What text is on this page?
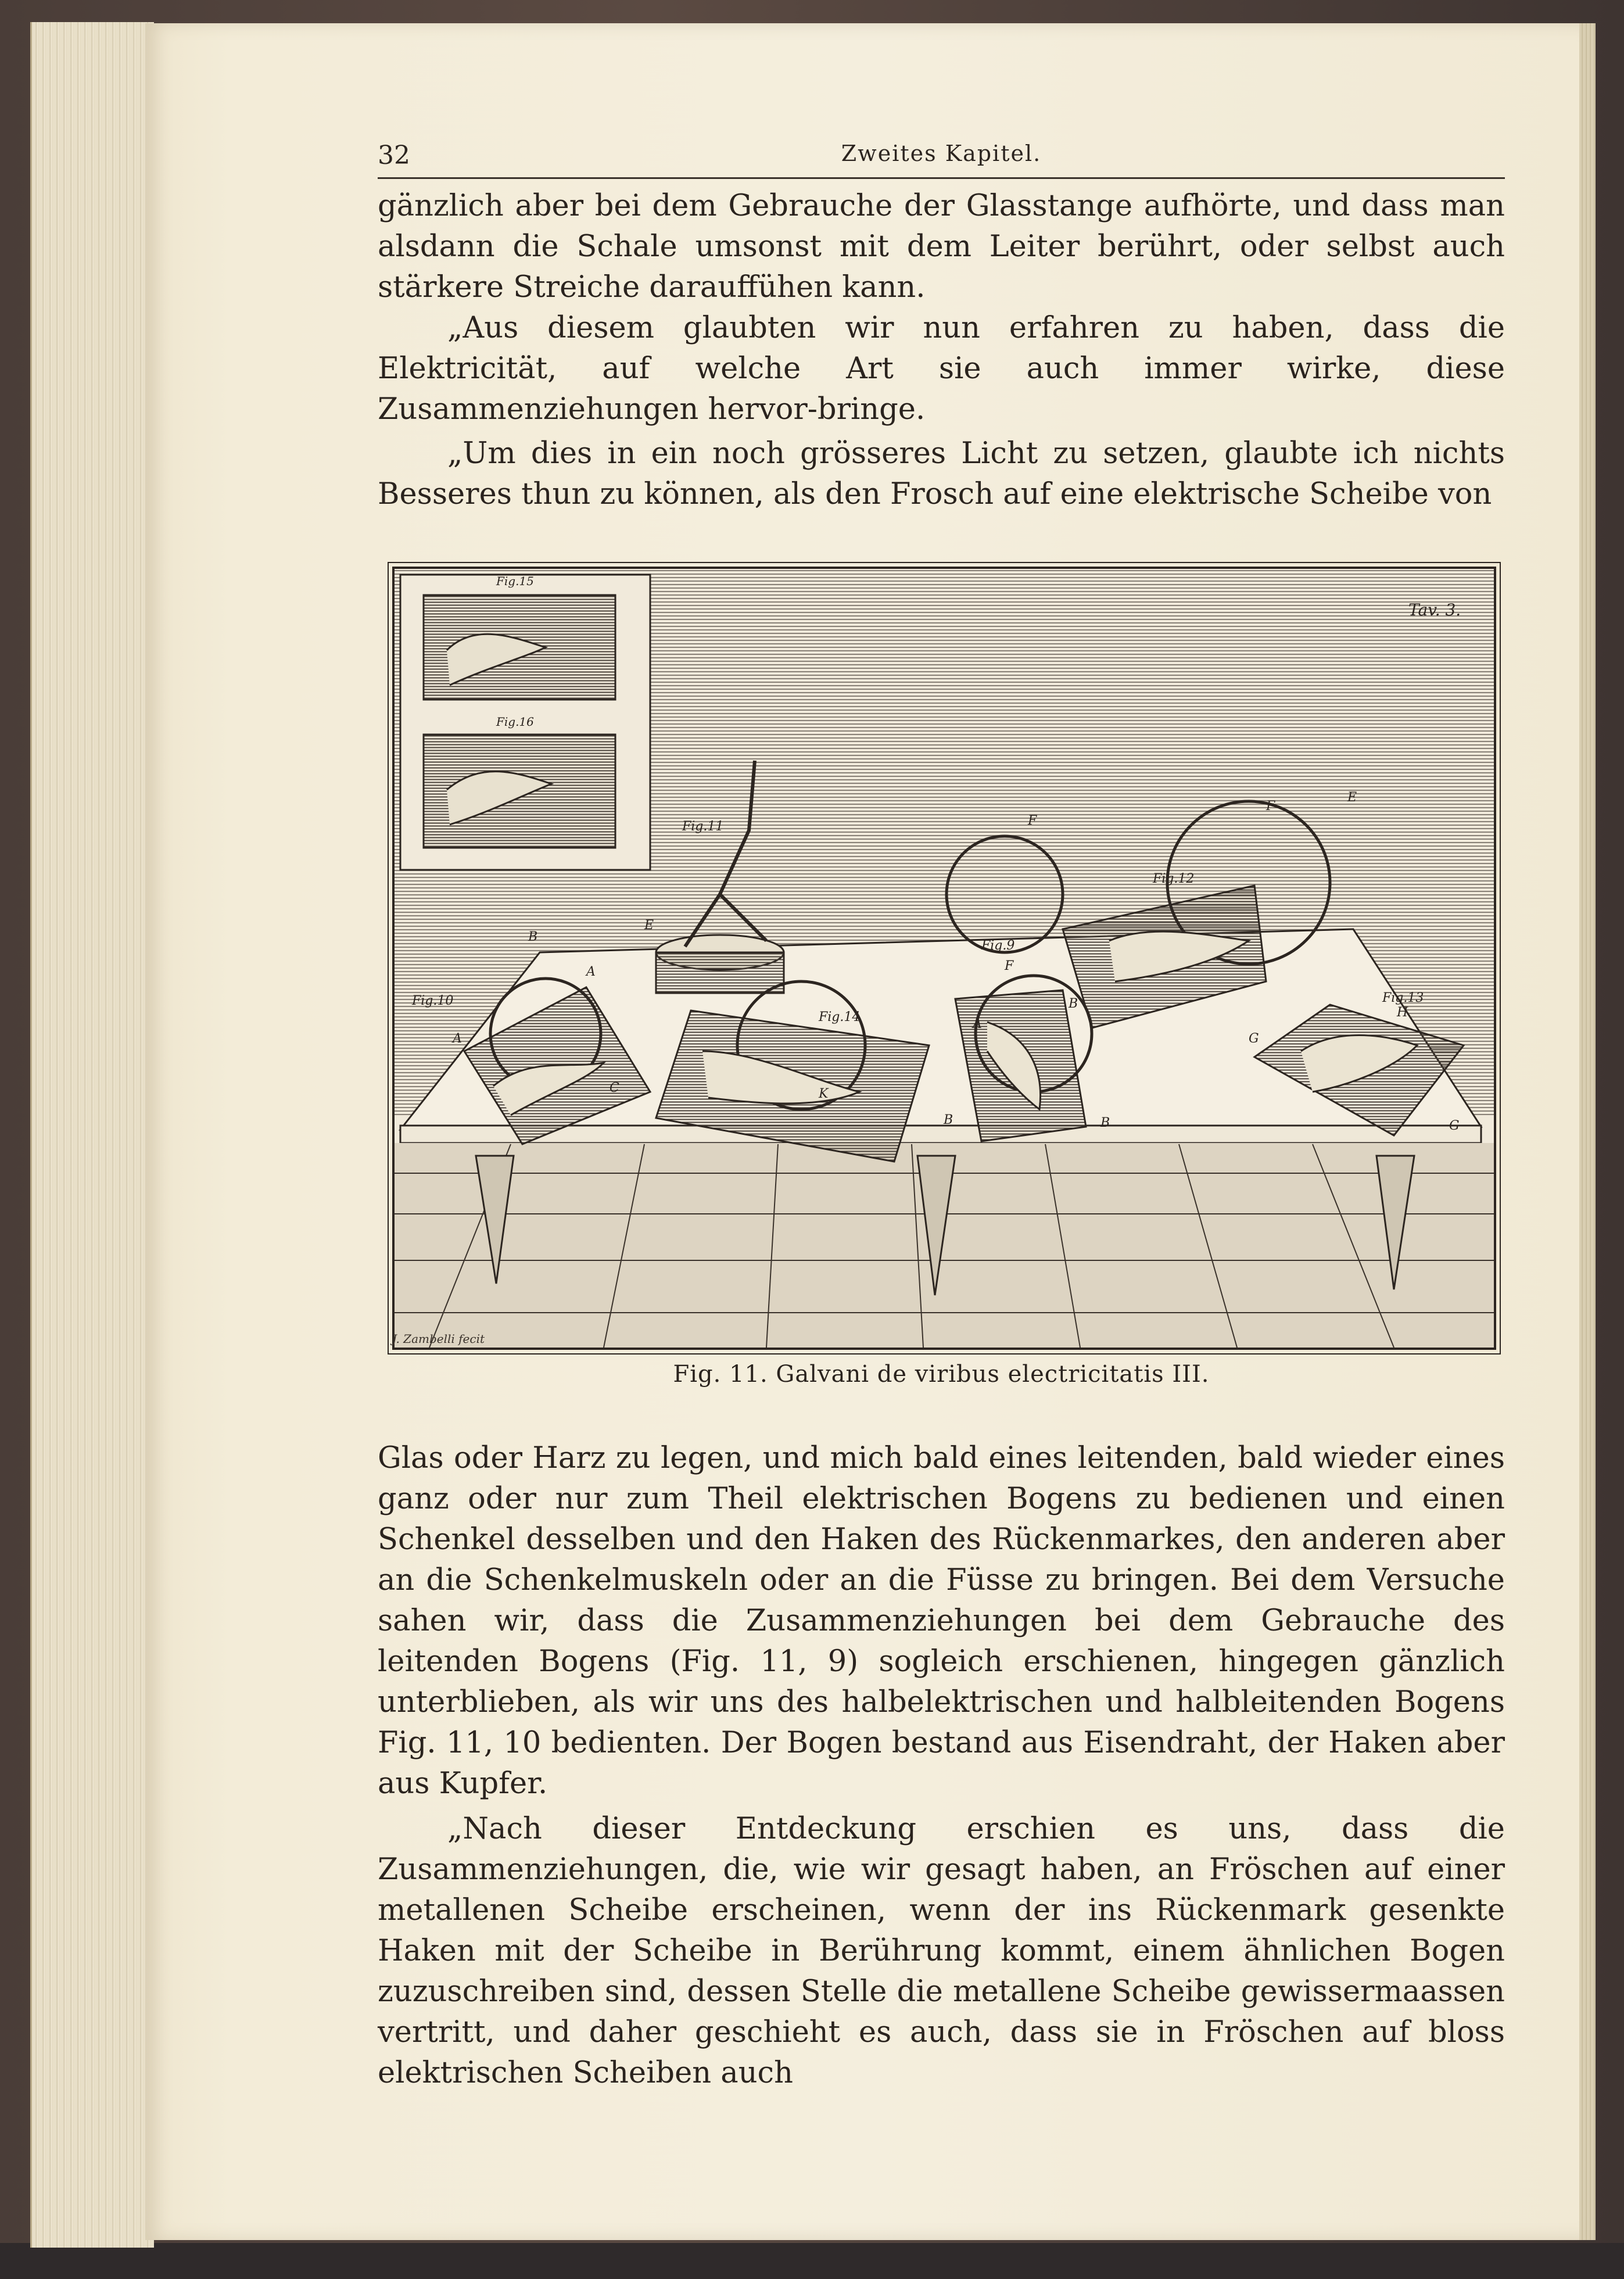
32	Zweites Kapitel.

gänzlich aber bei dem Gebrauche der Glasstange aufhörte, und dass man alsdann die Schale umsonst mit dem Leiter berührt, oder selbst auch stärkere Streiche darauffühen kann.

„Aus diesem glaubten wir nun erfahren zu haben, dass die Elektricität, auf welche Art sie auch immer wirke, diese Zusammenziehungen hervor-bringe.

„Um dies in ein noch grösseres Licht zu setzen, glaubte ich nichts Besseres thun zu können, als den Frosch auf eine elektrische Scheibe von

Fig.15
Fig.16
Tav. 3.
Fig.11
Fig.12
Fig.9
Fig.10
Fig.14
Fig.13
B
A
A
C
E
F
F
F
A
B
B	B
K
G
G
H
E
J. Zambelli fecit
Fig. 11. Galvani de viribus electricitatis III.

Glas oder Harz zu legen, und mich bald eines leitenden, bald wieder eines ganz oder nur zum Theil elektrischen Bogens zu bedienen und einen Schenkel desselben und den Haken des Rückenmarkes, den anderen aber an die Schenkelmuskeln oder an die Füsse zu bringen. Bei dem Versuche sahen wir, dass die Zusammenziehungen bei dem Gebrauche des leitenden Bogens (Fig. 11, 9) sogleich erschienen, hingegen gänzlich unterblieben, als wir uns des halbelektrischen und halbleitenden Bogens Fig. 11, 10 bedienten. Der Bogen bestand aus Eisendraht, der Haken aber aus Kupfer.

„Nach dieser Entdeckung erschien es uns, dass die Zusammenziehungen, die, wie wir gesagt haben, an Fröschen auf einer metallenen Scheibe erscheinen, wenn der ins Rückenmark gesenkte Haken mit der Scheibe in Berührung kommt, einem ähnlichen Bogen zuzuschreiben sind, dessen Stelle die metallene Scheibe gewissermaassen vertritt, und daher geschieht es auch, dass sie in Fröschen auf bloss elektrischen Scheiben auch
